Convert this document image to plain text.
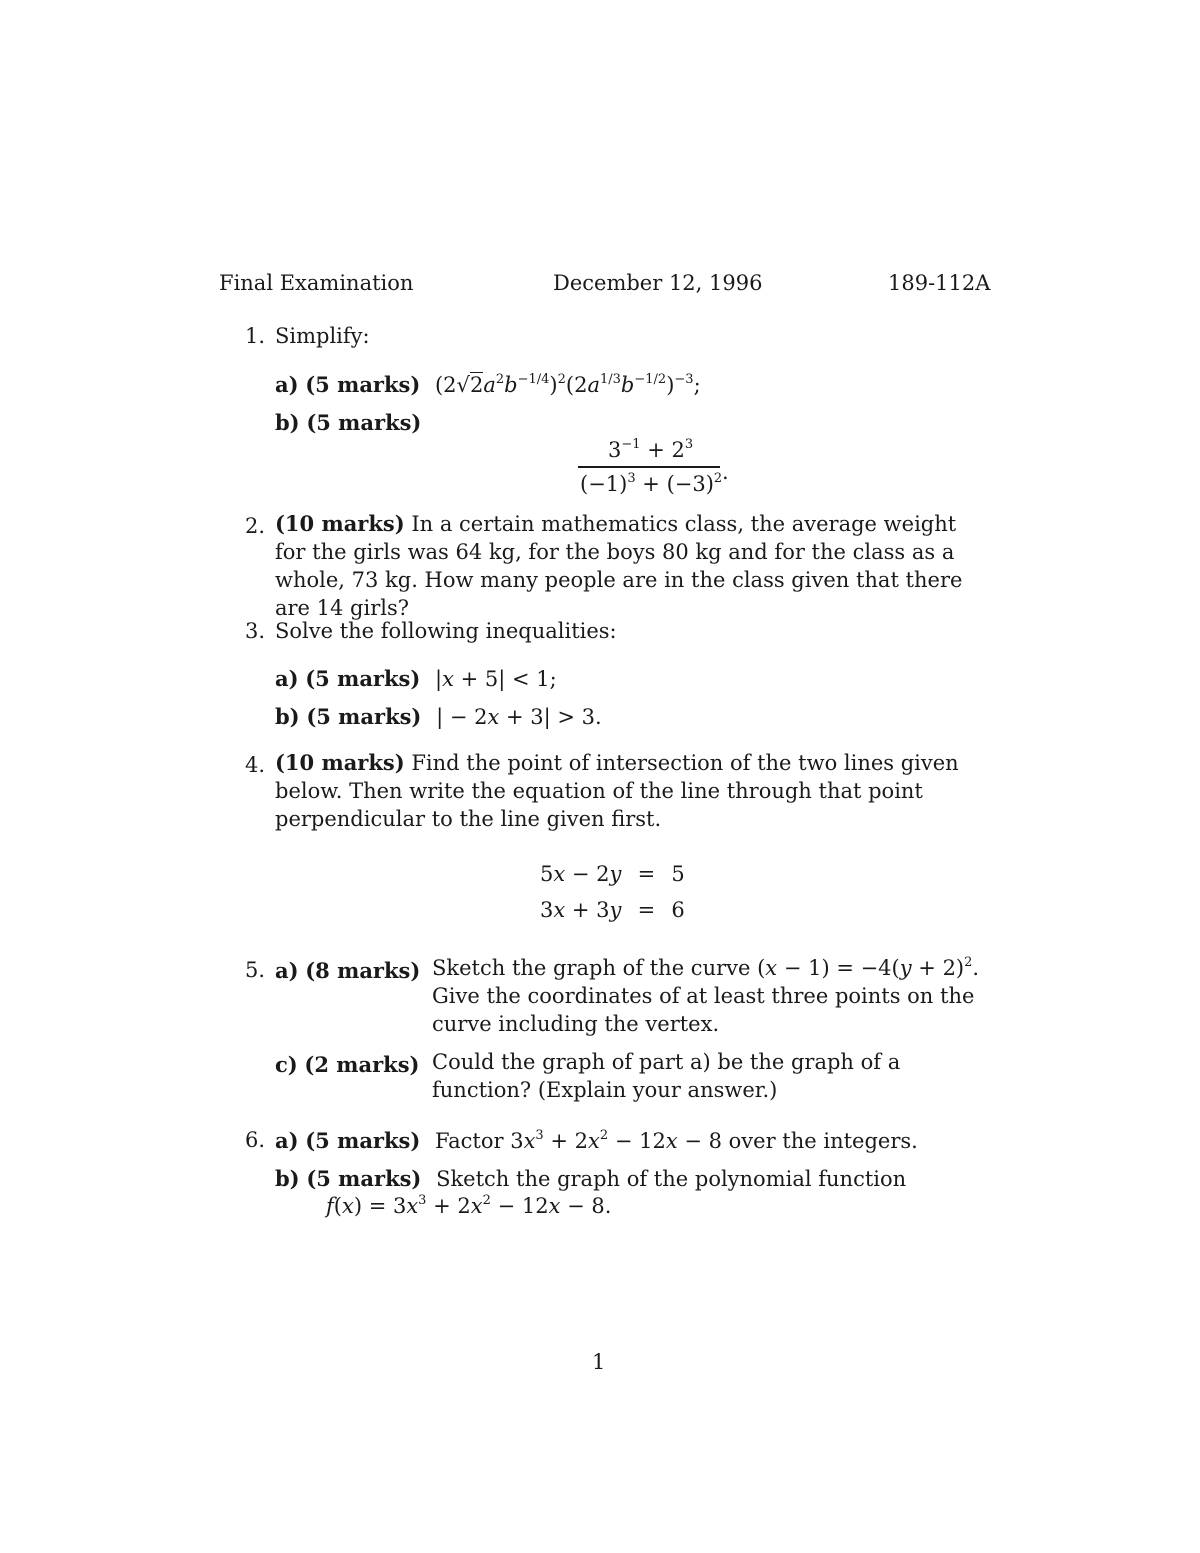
Final Examination	December 12, 1996	189-112A
1. Simplify:
a) (5 marks) $(2√2a^2b^{-1/4})^2(2a^{1/3}b^{-1/2})^{-3}$;
b) (5 marks)
$3^{-1} + 2^3$
$(-1)^3 + (-3)^2$ .
2. (10 marks) In a certain mathematics class, the average weight for the girls was 64 kg, for the boys 80 kg and for the class as a whole, 73 kg. How many people are in the class given that there are 14 girls?
3. Solve the following inequalities:
a) (5 marks) |x + 5| < 1;
b) (5 marks) | − 2x + 3| > 3.
4. (10 marks) Find the point of intersection of the two lines given below. Then write the equation of the line through that point perpendicular to the line given first.
5x − 2y = 5
3x + 3y = 6
5. a) (8 marks) Sketch the graph of the curve $(x - 1) = -4(y + 2)^2$. Give the coordinates of at least three points on the curve including the vertex.
c) (2 marks) Could the graph of part a) be the graph of a function? (Explain your answer.)
6. a) (5 marks) Factor $3x^3 + 2x^2 - 12x - 8$ over the integers.
b) (5 marks) Sketch the graph of the polynomial function
$f(x) = 3x^3 + 2x^2 - 12x - 8$.
1
